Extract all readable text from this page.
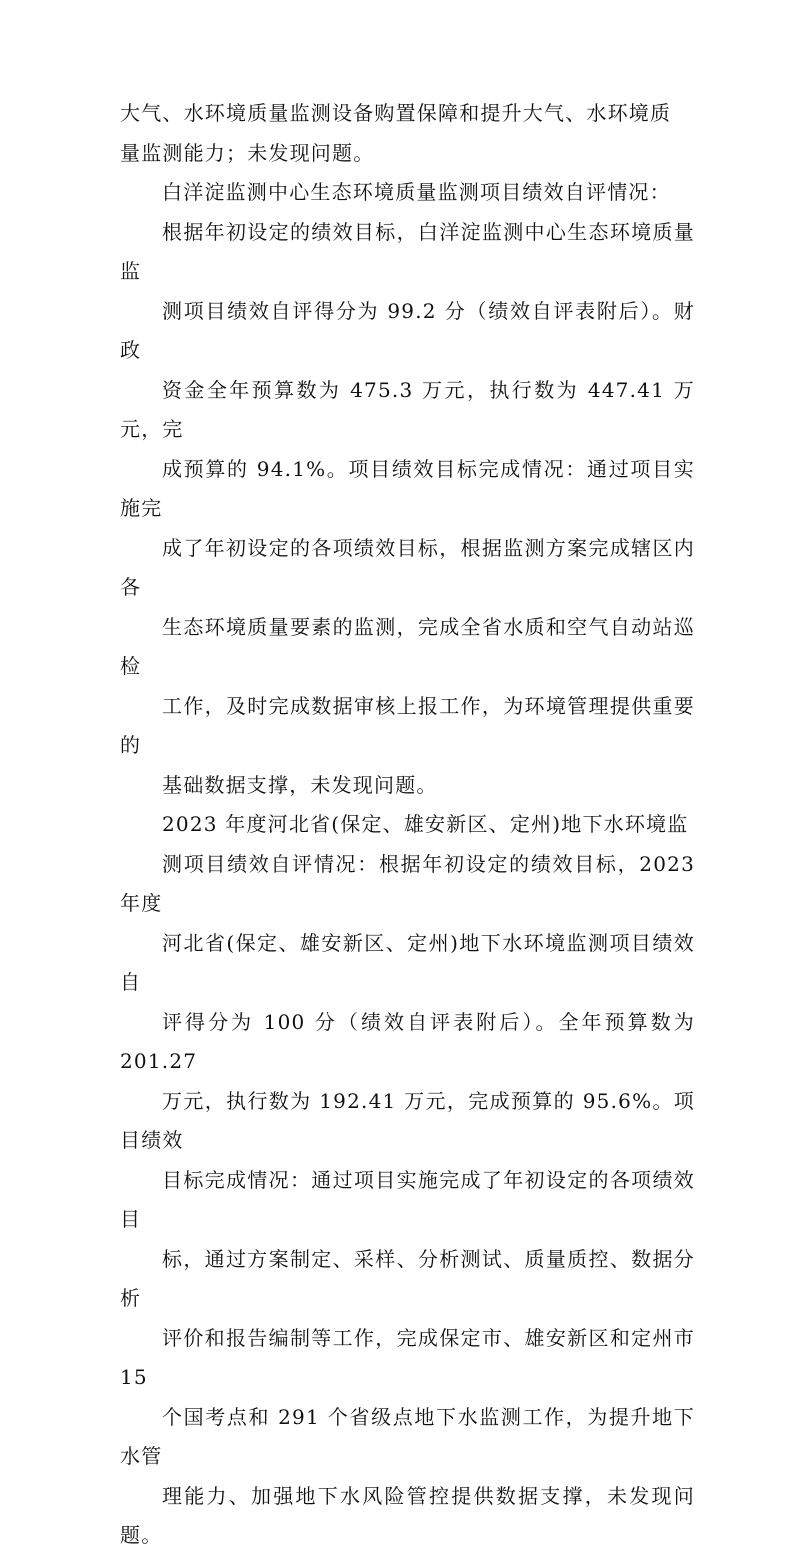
大气、水环境质量监测设备购置保障和提升大气、水环境质
量监测能力；未发现问题。

白洋淀监测中心生态环境质量监测项目绩效自评情况：
根据年初设定的绩效目标，白洋淀监测中心生态环境质量监
测项目绩效自评得分为 99.2 分（绩效自评表附后）。财政
资金全年预算数为 475.3 万元，执行数为 447.41 万元，完
成预算的 94.1%。项目绩效目标完成情况：通过项目实施完
成了年初设定的各项绩效目标，根据监测方案完成辖区内各
生态环境质量要素的监测，完成全省水质和空气自动站巡检
工作，及时完成数据审核上报工作，为环境管理提供重要的
基础数据支撑，未发现问题。

2023 年度河北省(保定、雄安新区、定州)地下水环境监
测项目绩效自评情况：根据年初设定的绩效目标，2023 年度
河北省(保定、雄安新区、定州)地下水环境监测项目绩效自
评得分为 100 分（绩效自评表附后）。全年预算数为 201.27
万元，执行数为 192.41 万元，完成预算的 95.6%。项目绩效
目标完成情况：通过项目实施完成了年初设定的各项绩效目
标，通过方案制定、采样、分析测试、质量质控、数据分析
评价和报告编制等工作，完成保定市、雄安新区和定州市 15
个国考点和 291 个省级点地下水监测工作，为提升地下水管
理能力、加强地下水风险管控提供数据支撑，未发现问题。
